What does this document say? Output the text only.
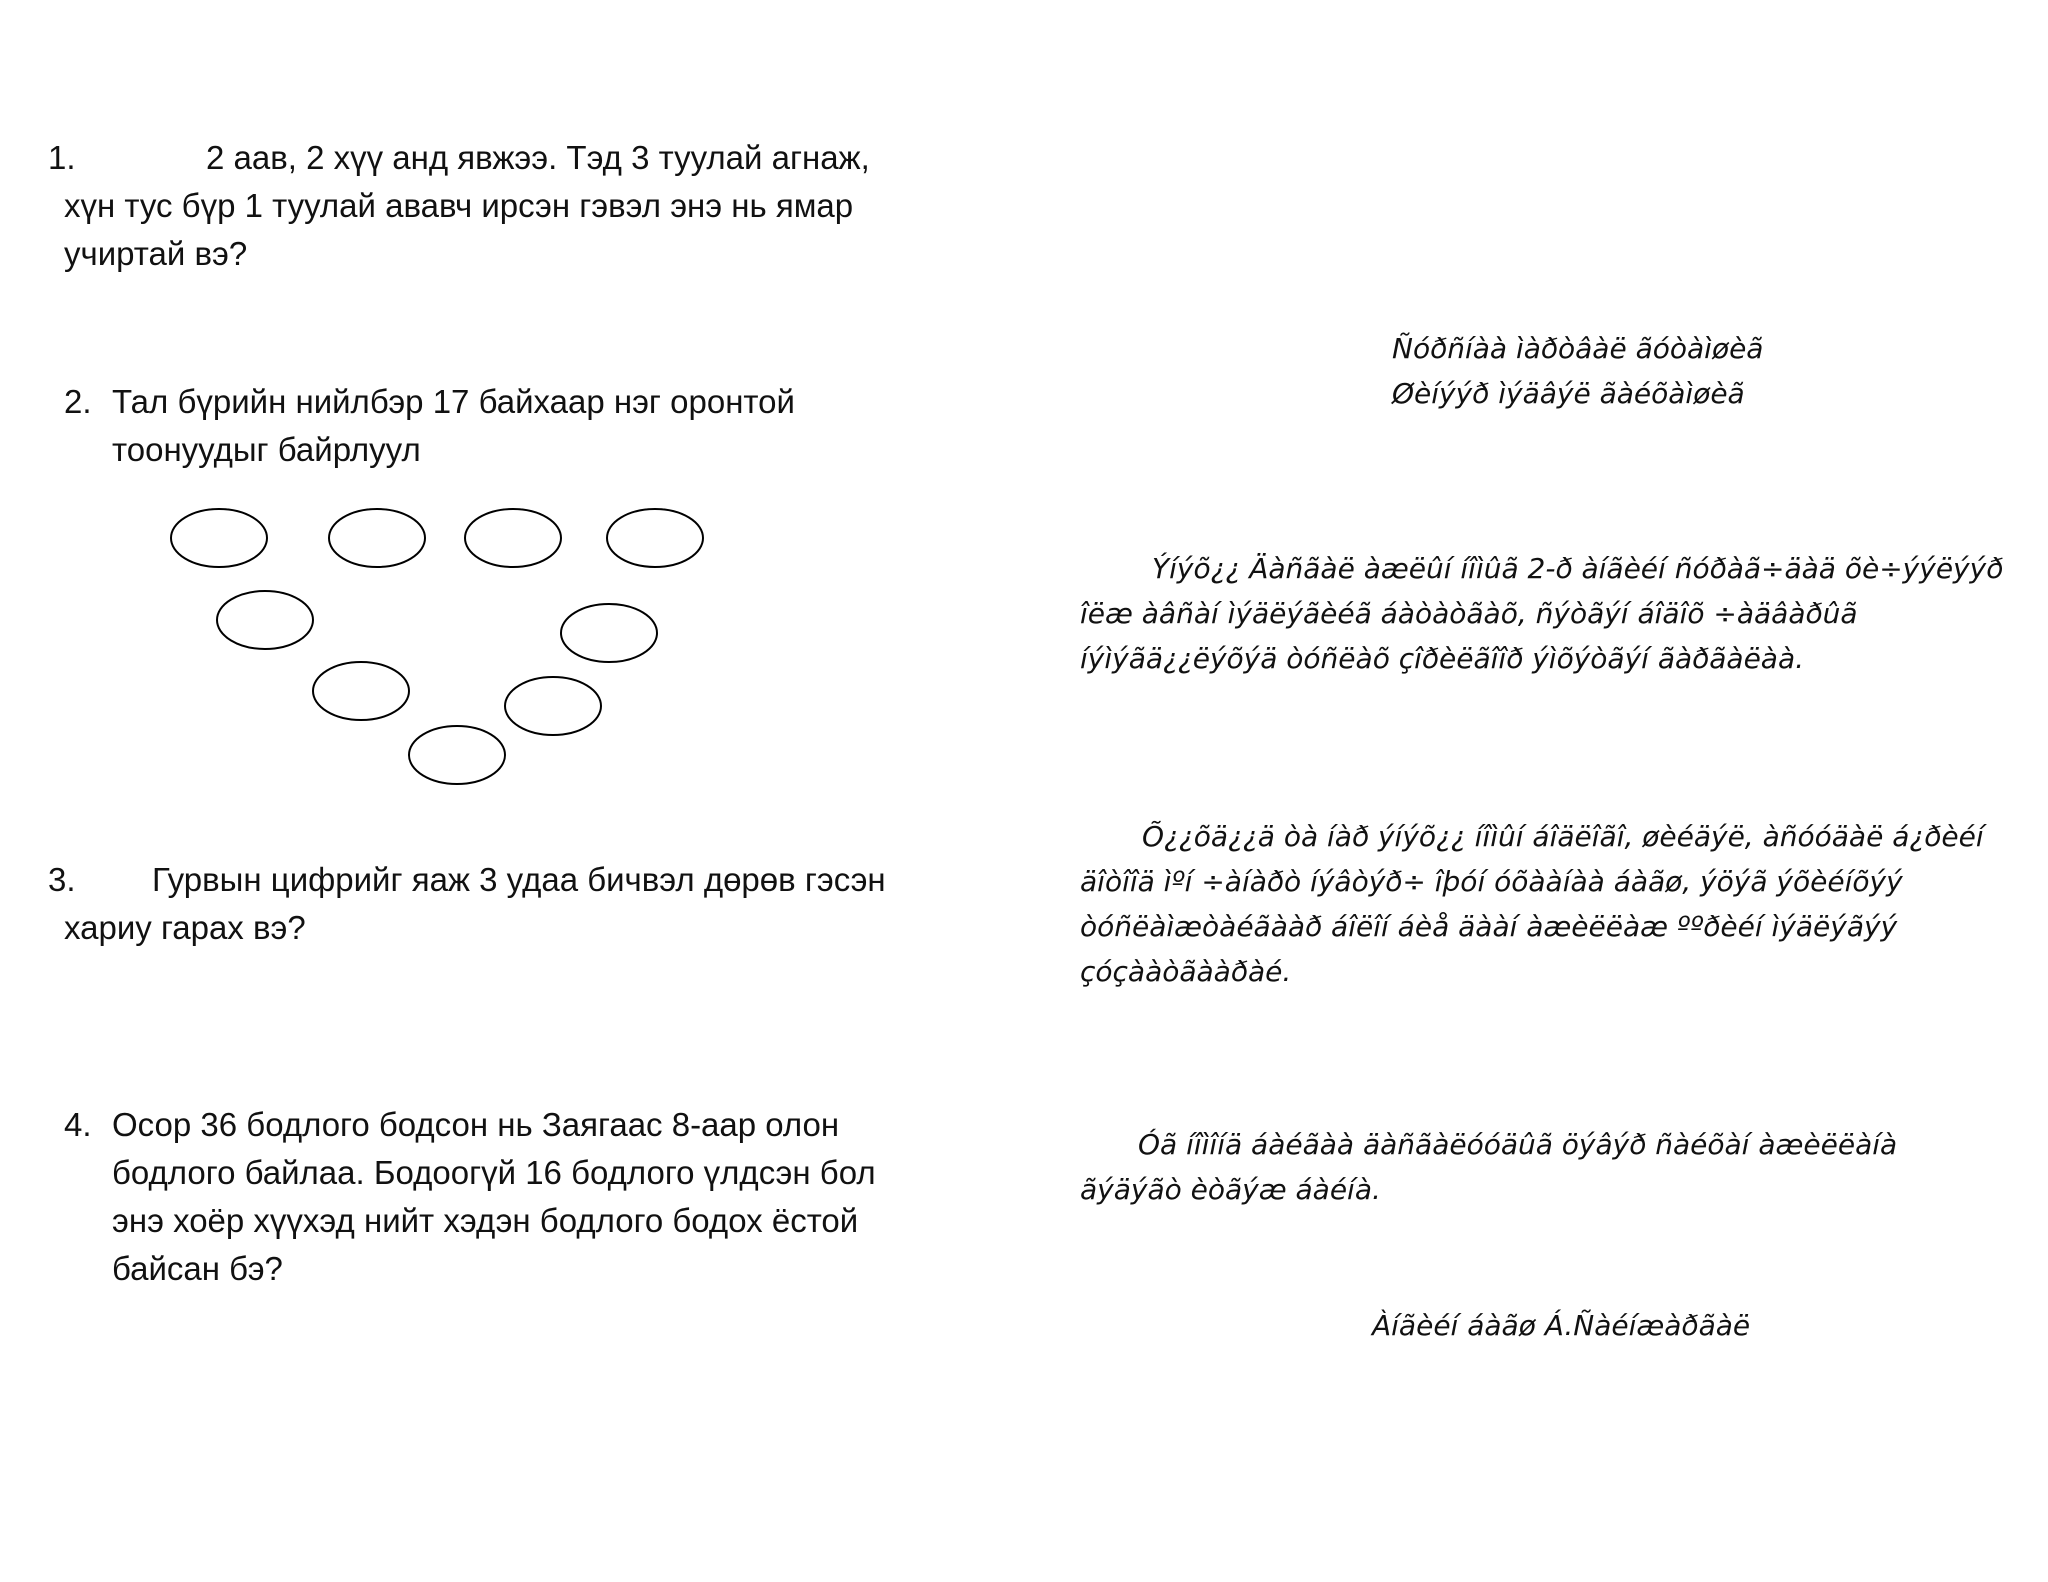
1.	2 аав, 2 хүү анд явжээ. Тэд 3 туулай агнаж,
хүн тус бүр 1 туулай ававч ирсэн гэвэл энэ нь ямар
учиртай вэ?
2. Тал бүрийн нийлбэр 17 байхаар нэг оронтой
тоонуудыг байрлуул
3.	Гурвын цифрийг яаж 3 удаа бичвэл дөрөв гэсэн
хариу гарах вэ?
4. Осор 36 бодлого бодсон нь Заягаас 8-аар олон
бодлого байлаа. Бодоогүй 16 бодлого үлдсэн бол
энэ хоёр хүүхэд нийт хэдэн бодлого бодох ёстой
байсан бэ?
Ñóðñíàà ìàðòâàë ãóòàìøèã
Øèíýýð ìýäâýë ãàéõàìøèã
Ýíýõ¿¿ Äàñãàë àæëûí íîìûã 2-ð àíãèéí ñóðàã÷äàä õè÷ýýëýýð
îëæ àâñàí ìýäëýãèéã áàòàòãàõ, ñýòãýí áîäîõ ÷àäâàðûã
íýìýãä¿¿ëýõýä òóñëàõ çîðèëãîîð ýìõýòãýí ãàðãàëàà.
Õ¿¿õä¿¿ä òà íàð ýíýõ¿¿ íîìûí áîäëîãî, øèéäýë, àñóóäàë á¿ðèéí
äîòîîä ìºí ÷àíàðò íýâòýð÷ îþóí óõààíàà áàãø, ýöýã ýõèéíõýý
òóñëàìæòàéãààð áîëîí áèå äààí àæèëëàæ ººðèéí ìýäëýãýý
çóçààòãààðàé.
Óã íîìîíä áàéãàà äàñãàëóóäûã öýâýð ñàéõàí àæèëëàíà
ãýäýãò èòãýæ áàéíà.
Àíãèéí áàãø Á.Ñàéíæàðãàë
